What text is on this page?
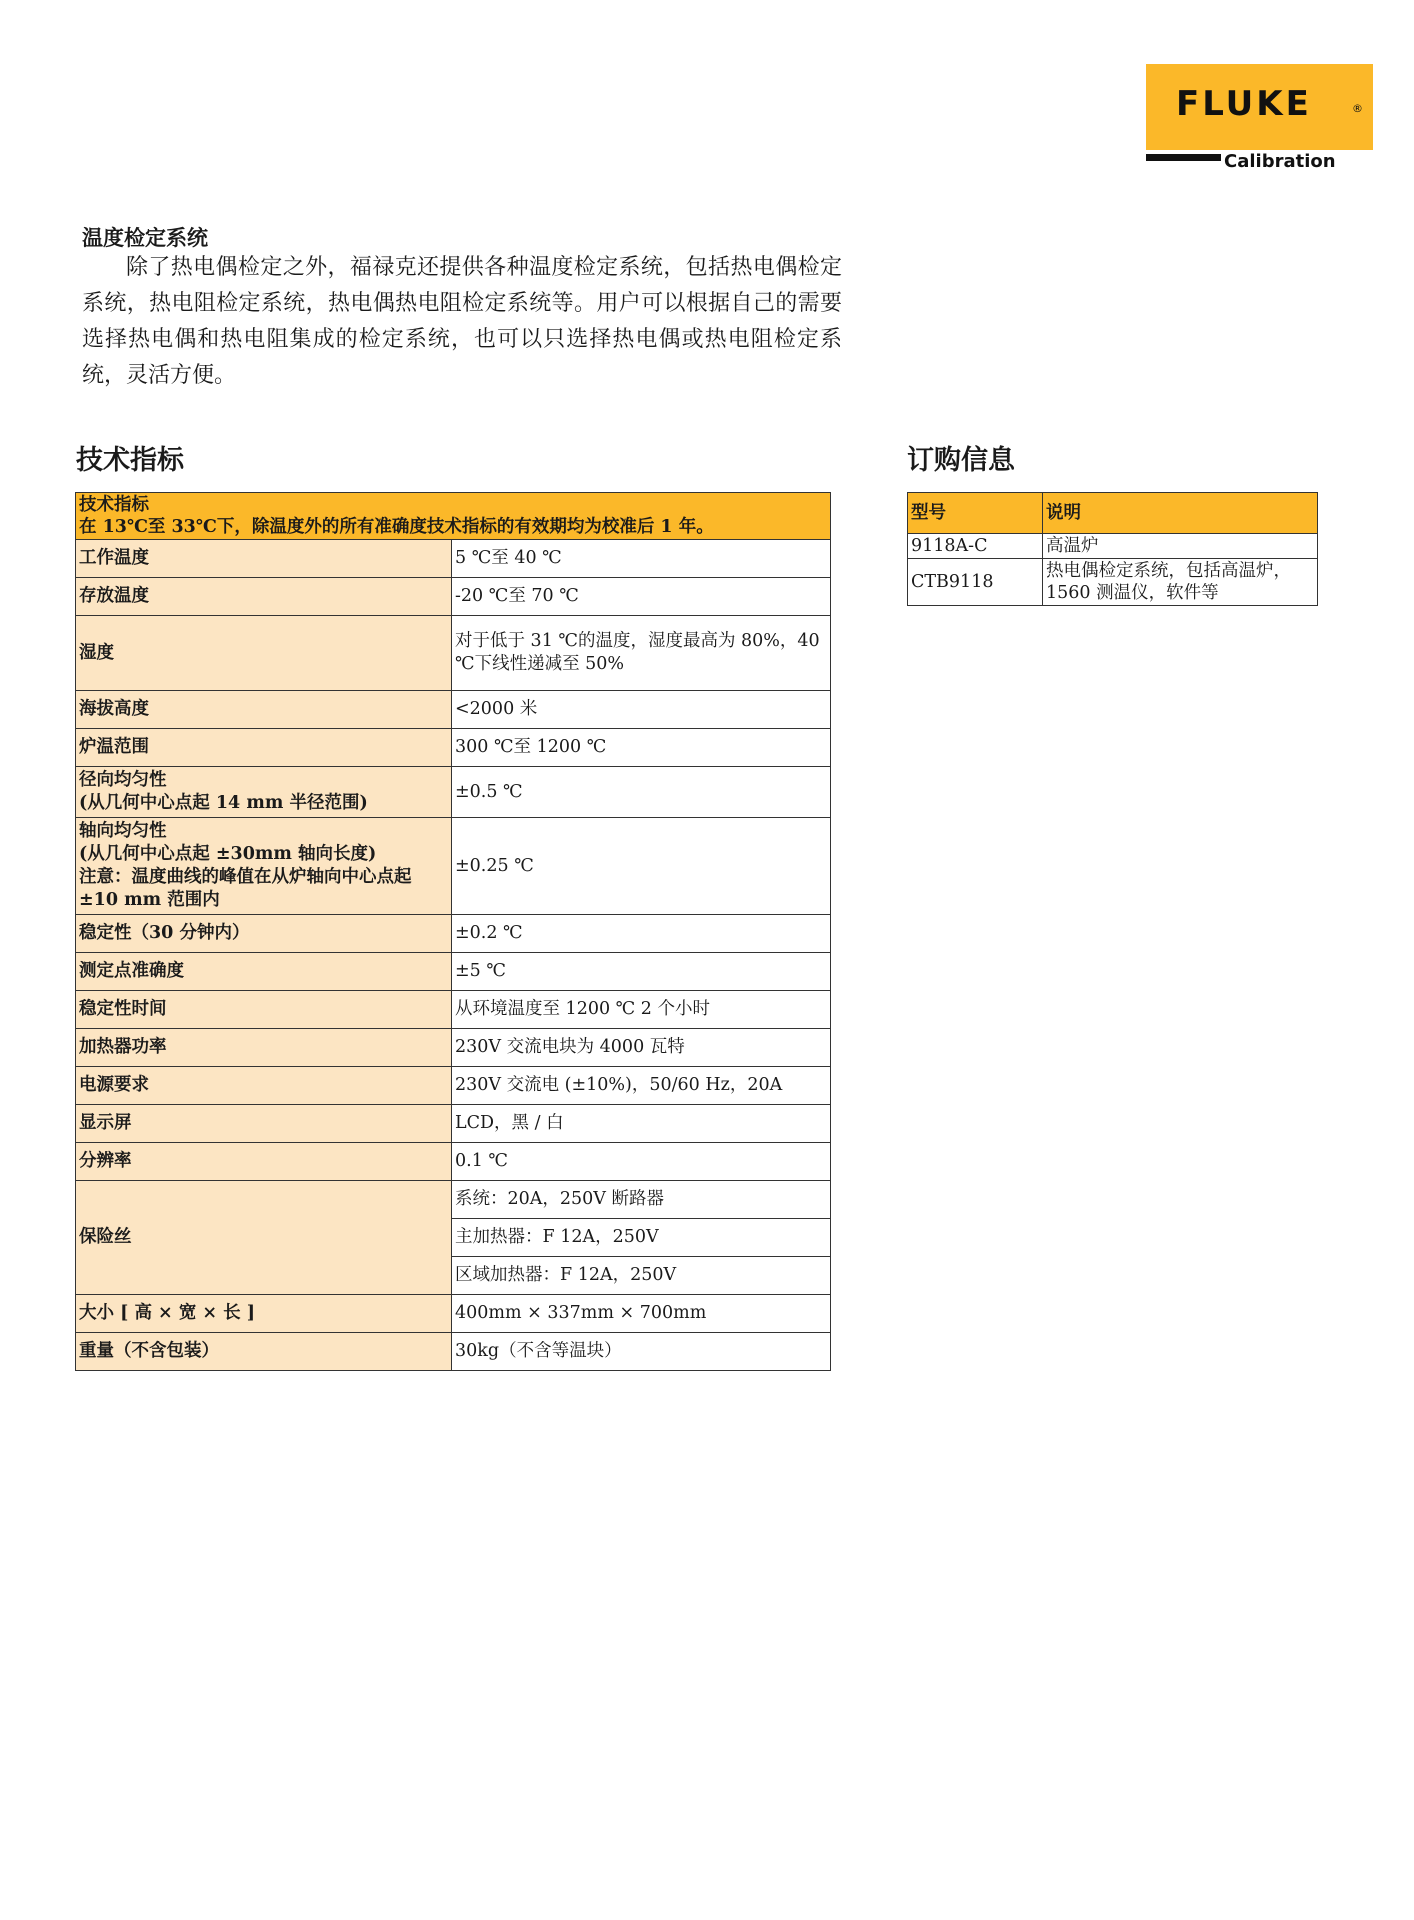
FLUKE	®
Calibration
温度检定系统

除了热电偶检定之外，福禄克还提供各种温度检定系统，包括热电偶检定系统，热电阻检定系统，热电偶热电阻检定系统等。用户可以根据自己的需要选择热电偶和热电阻集成的检定系统，也可以只选择热电偶或热电阻检定系统，灵活方便。

技术指标	订购信息
技术指标
在 13℃至 33℃下，除温度外的所有准确度技术指标的有效期均为校准后 1 年。	

工作温度	5 ℃至 40 ℃
存放温度	-20 ℃至 70 ℃
湿度	对于低于 31 ℃的温度，湿度最高为 80%，40 ℃下线性递减至 50%
海拔高度	<2000 米
炉温范围	300 ℃至 1200 ℃
径向均匀性
(从几何中心点起 14 mm 半径范围)	±0.5 ℃
轴向均匀性
(从几何中心点起 ±30mm 轴向长度)
注意：温度曲线的峰值在从炉轴向中心点起
±10 mm 范围内	±0.25 ℃
稳定性（30 分钟内）	±0.2 ℃
测定点准确度	±5 ℃
稳定性时间	从环境温度至 1200 ℃ 2 个小时
加热器功率	230V 交流电块为 4000 瓦特
电源要求	230V 交流电 (±10%)，50/60 Hz，20A
显示屏	LCD，黑 / 白
分辨率	0.1 ℃
保险丝	系统：20A，250V 断路器
	主加热器：F 12A，250V
	区域加热器：F 12A，250V
大小 [ 高 × 宽 × 长 ]	400mm × 337mm × 700mm
重量（不含包装）	30kg（不含等温块）
型号	说明
9118A-C	高温炉
CTB9118	热电偶检定系统，包括高温炉，1560 测温仪，软件等
